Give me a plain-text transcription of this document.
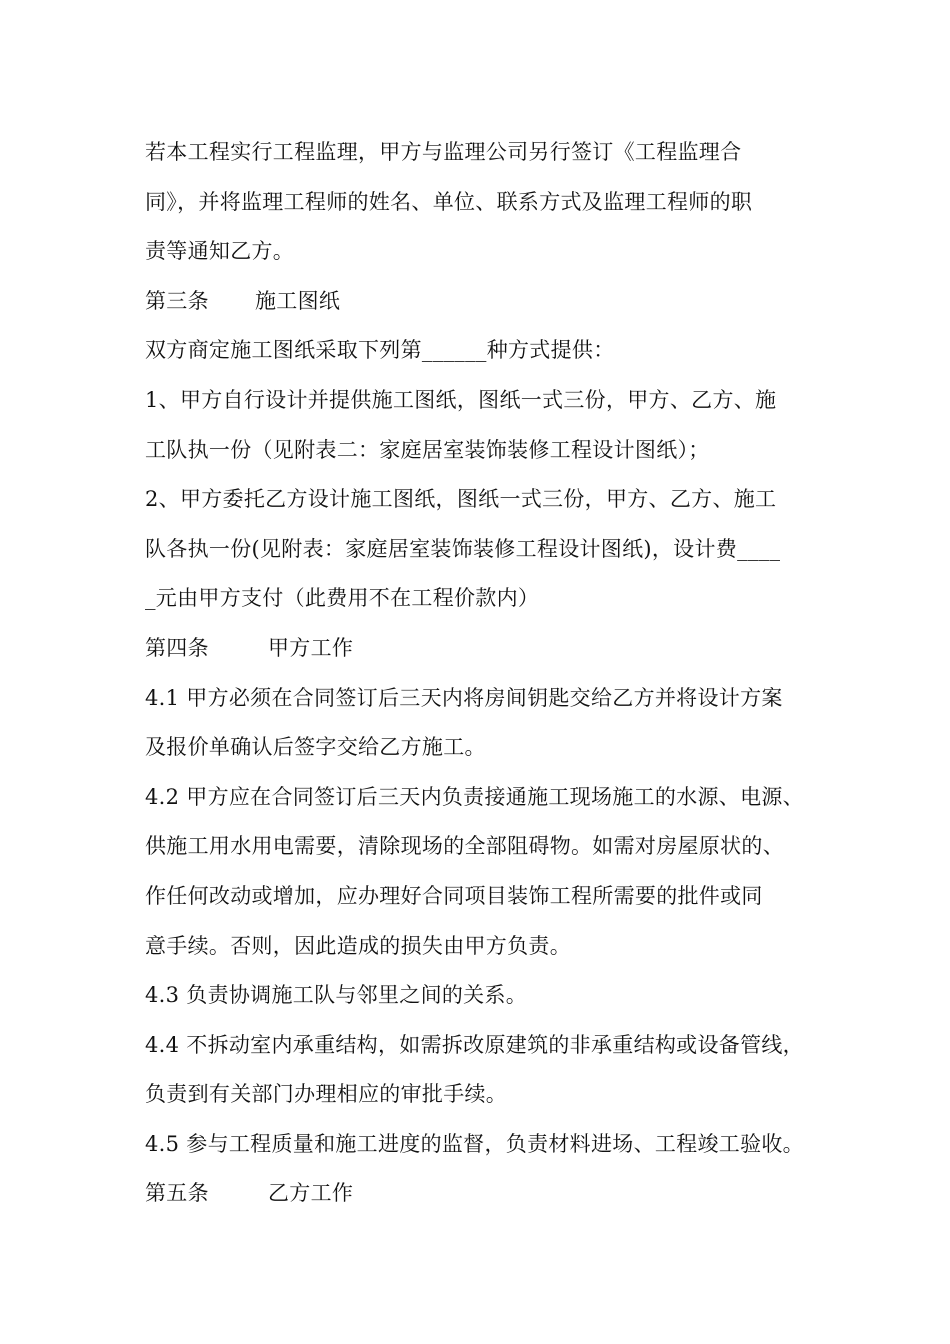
若本工程实行工程监理，甲方与监理公司另行签订《工程监理合
同》，并将监理工程师的姓名、单位、联系方式及监理工程师的职
责等通知乙方。
第三条 施工图纸
双方商定施工图纸采取下列第______种方式提供：
1、甲方自行设计并提供施工图纸，图纸一式三份，甲方、乙方、施
工队执一份（见附表二：家庭居室装饰装修工程设计图纸）；
2、甲方委托乙方设计施工图纸，图纸一式三份，甲方、乙方、施工
队各执一份(见附表：家庭居室装饰装修工程设计图纸)，设计费____
_元由甲方支付（此费用不在工程价款内）
第四条	甲方工作
4.1 甲方必须在合同签订后三天内将房间钥匙交给乙方并将设计方案
及报价单确认后签字交给乙方施工。
4.2 甲方应在合同签订后三天内负责接通施工现场施工的水源、电源、
供施工用水用电需要，清除现场的全部阻碍物。如需对房屋原状的、
作任何改动或增加，应办理好合同项目装饰工程所需要的批件或同
意手续。否则，因此造成的损失由甲方负责。
4.3 负责协调施工队与邻里之间的关系。
4.4 不拆动室内承重结构，如需拆改原建筑的非承重结构或设备管线，
负责到有关部门办理相应的审批手续。
4.5 参与工程质量和施工进度的监督，负责材料进场、工程竣工验收。
第五条	乙方工作
